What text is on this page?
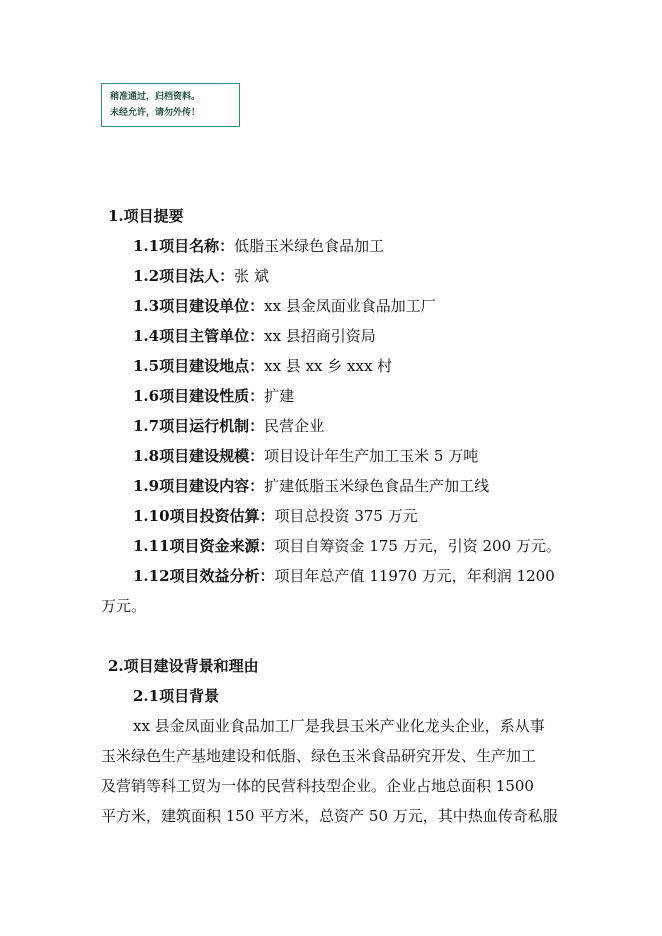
稍准通过，归档资料。
未经允许，请勿外传！
1.项目提要
1.1项目名称：低脂玉米绿色食品加工
1.2项目法人：张 斌
1.3项目建设单位：xx 县金凤面业食品加工厂
1.4项目主管单位：xx 县招商引资局
1.5项目建设地点：xx 县 xx 乡 xxx 村
1.6项目建设性质：扩建
1.7项目运行机制：民营企业
1.8项目建设规模：项目设计年生产加工玉米 5 万吨
1.9项目建设内容：扩建低脂玉米绿色食品生产加工线
1.10项目投资估算：项目总投资 375 万元
1.11项目资金来源：项目自筹资金 175 万元，引资 200 万元。
1.12项目效益分析：项目年总产值 11970 万元，年利润 1200
万元。
2.项目建设背景和理由
2.1项目背景
xx 县金凤面业食品加工厂是我县玉米产业化龙头企业，系从事
玉米绿色生产基地建设和低脂、绿色玉米食品研究开发、生产加工
及营销等科工贸为一体的民营科技型企业。企业占地总面积 1500
平方米，建筑面积 150 平方米，总资产 50 万元，其中热血传奇私服
